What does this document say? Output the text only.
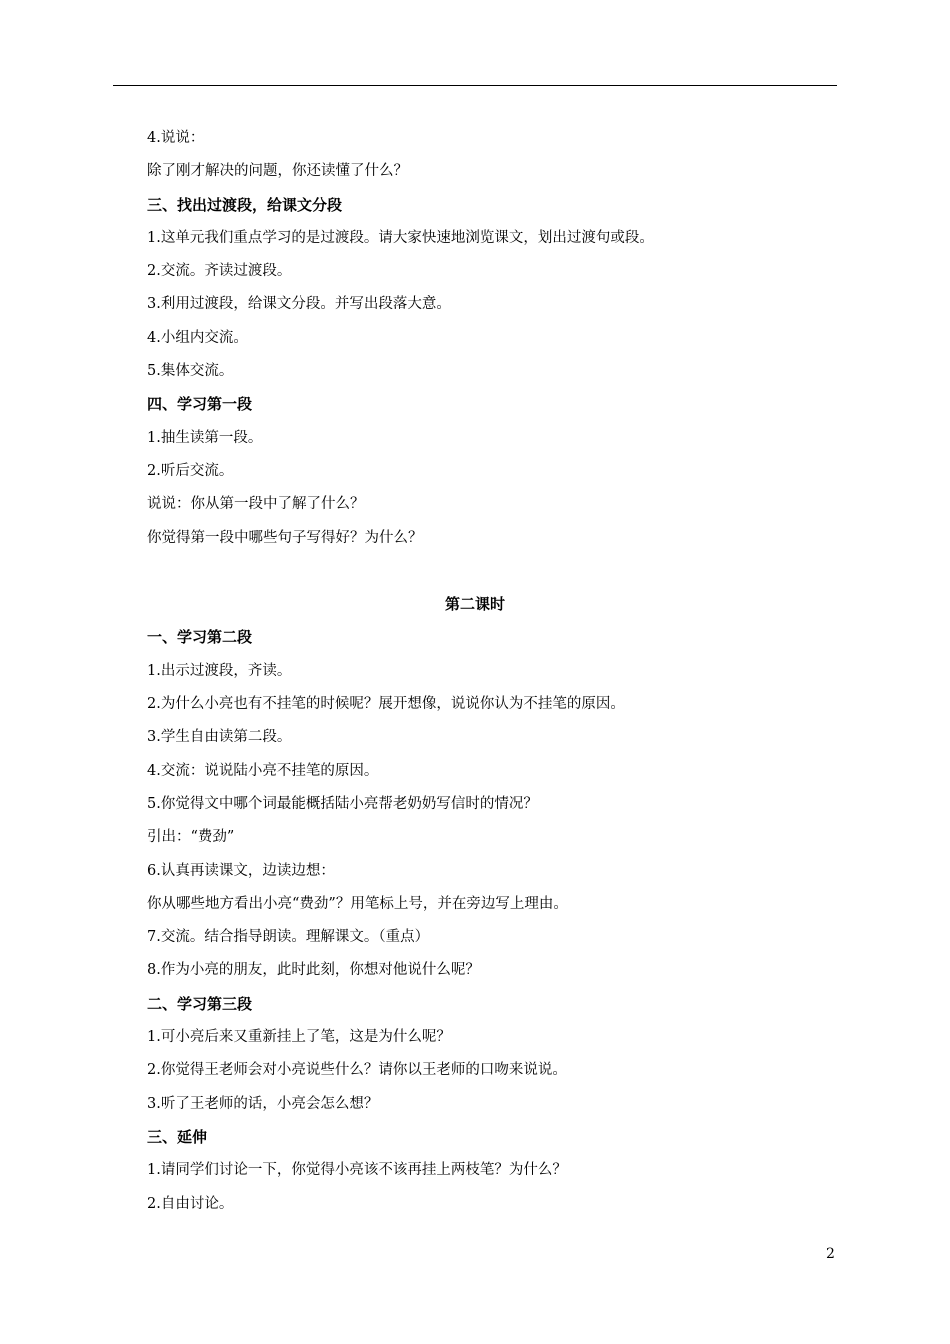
4.说说：
除了刚才解决的问题，你还读懂了什么？
三、找出过渡段，给课文分段
1.这单元我们重点学习的是过渡段。请大家快速地浏览课文，划出过渡句或段。
2.交流。齐读过渡段。
3.利用过渡段，给课文分段。并写出段落大意。
4.小组内交流。
5.集体交流。
四、学习第一段
1.抽生读第一段。
2.听后交流。
说说：你从第一段中了解了什么？
你觉得第一段中哪些句子写得好？为什么？
第二课时
一、学习第二段
1.出示过渡段，齐读。
2.为什么小亮也有不挂笔的时候呢？展开想像，说说你认为不挂笔的原因。
3.学生自由读第二段。
4.交流：说说陆小亮不挂笔的原因。
5.你觉得文中哪个词最能概括陆小亮帮老奶奶写信时的情况？
引出：“费劲”
6.认真再读课文，边读边想：
你从哪些地方看出小亮“费劲”？用笔标上号，并在旁边写上理由。
7.交流。结合指导朗读。理解课文。（重点）
8.作为小亮的朋友，此时此刻，你想对他说什么呢？
二、学习第三段
1.可小亮后来又重新挂上了笔，这是为什么呢？
2.你觉得王老师会对小亮说些什么？请你以王老师的口吻来说说。
3.听了王老师的话，小亮会怎么想？
三、延伸
1.请同学们讨论一下，你觉得小亮该不该再挂上两枝笔？为什么？
2.自由讨论。
2
